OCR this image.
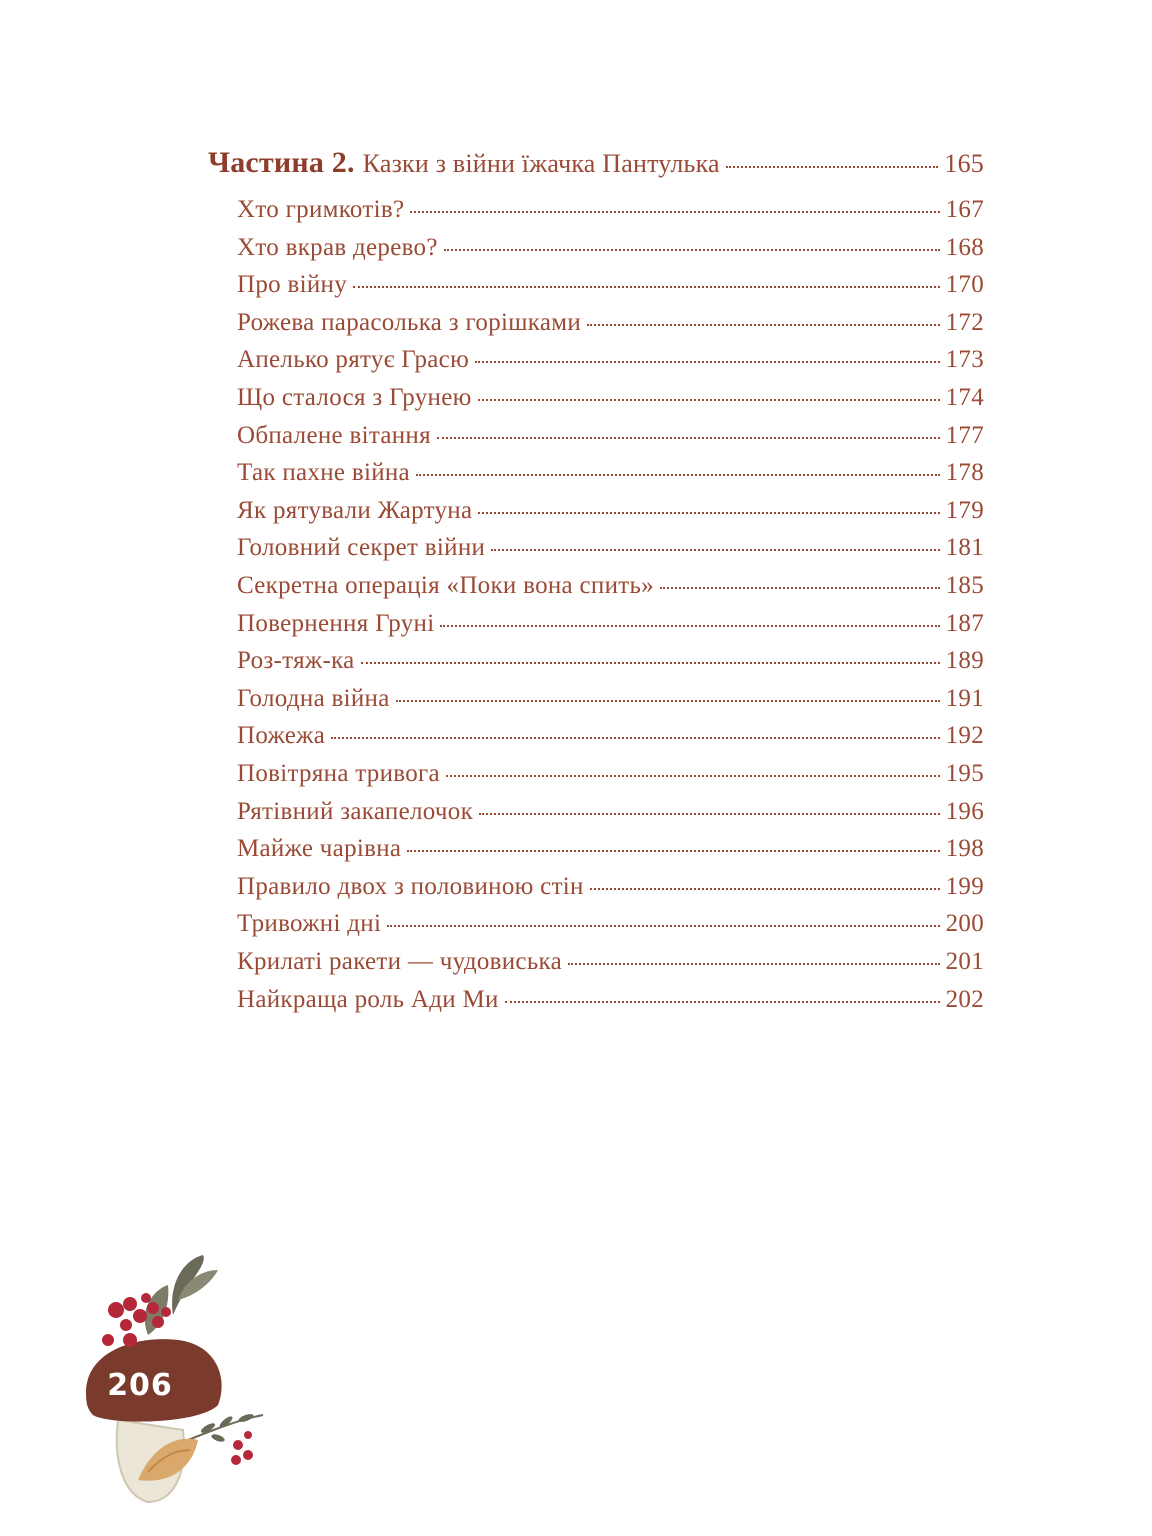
Частина 2. Казки з війни їжачка Пантулька	165
Хто гримкотів?	167
Хто вкрав дерево?	168
Про війну	170
Рожева парасолька з горішками	172
Апелько рятує Грасю	173
Що сталося з Грунею	174
Обпалене вітання	177
Так пахне війна	178
Як рятували Жартуна	179
Головний секрет війни	181
Секретна операція «Поки вона спить»	185
Повернення Груні	187
Роз-тяж-ка	189
Голодна війна	191
Пожежа	192
Повітряна тривога	195
Рятівний закапелочок	196
Майже чарівна	198
Правило двох з половиною стін	199
Тривожні дні	200
Крилаті ракети — чудовиська	201
Найкраща роль Ади Ми	202
206
